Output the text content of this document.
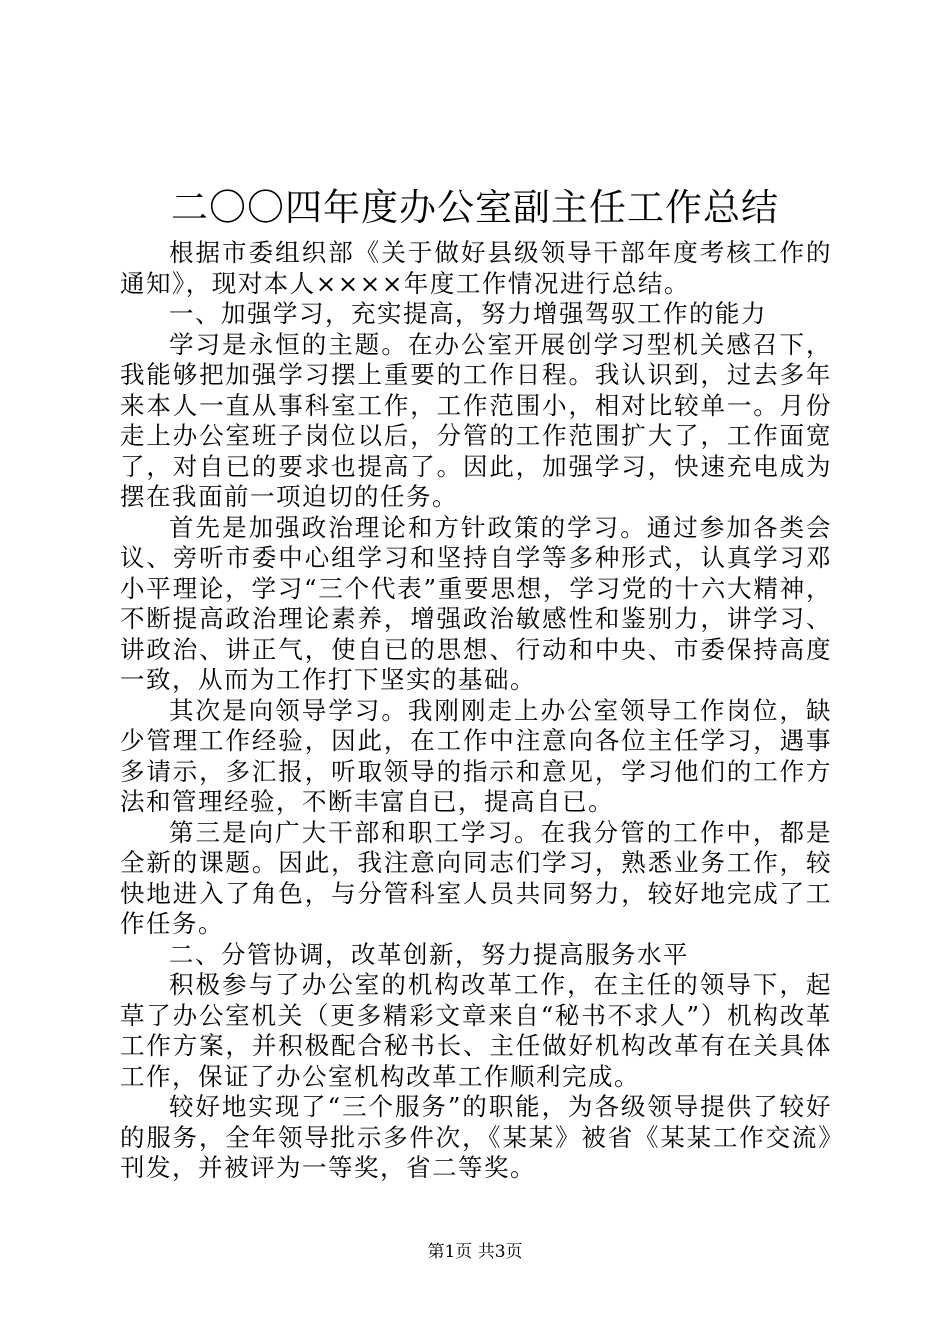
二〇〇四年度办公室副主任工作总结

根据市委组织部《关于做好县级领导干部年度考核工作的通知》，现对本人××××年度工作情况进行总结。

一、加强学习，充实提高，努力增强驾驭工作的能力

学习是永恒的主题。在办公室开展创学习型机关感召下，我能够把加强学习摆上重要的工作日程。我认识到，过去多年来本人一直从事科室工作，工作范围小，相对比较单一。月份走上办公室班子岗位以后，分管的工作范围扩大了，工作面宽了，对自已的要求也提高了。因此，加强学习，快速充电成为摆在我面前一项迫切的任务。

首先是加强政治理论和方针政策的学习。通过参加各类会议、旁听市委中心组学习和坚持自学等多种形式，认真学习邓小平理论，学习“三个代表”重要思想，学习党的十六大精神，不断提高政治理论素养，增强政治敏感性和鉴别力，讲学习、讲政治、讲正气，使自已的思想、行动和中央、市委保持高度一致，从而为工作打下坚实的基础。

其次是向领导学习。我刚刚走上办公室领导工作岗位，缺少管理工作经验，因此，在工作中注意向各位主任学习，遇事多请示，多汇报，听取领导的指示和意见，学习他们的工作方法和管理经验，不断丰富自已，提高自已。

第三是向广大干部和职工学习。在我分管的工作中，都是全新的课题。因此，我注意向同志们学习，熟悉业务工作，较快地进入了角色，与分管科室人员共同努力，较好地完成了工作任务。

二、分管协调，改革创新，努力提高服务水平

积极参与了办公室的机构改革工作，在主任的领导下，起草了办公室机关（更多精彩文章来自“秘书不求人”）机构改革工作方案，并积极配合秘书长、主任做好机构改革有在关具体工作，保证了办公室机构改革工作顺利完成。

较好地实现了“三个服务”的职能，为各级领导提供了较好的服务，全年领导批示多件次，《某某》被省《某某工作交流》刊发，并被评为一等奖，省二等奖。

第1页 共3页
